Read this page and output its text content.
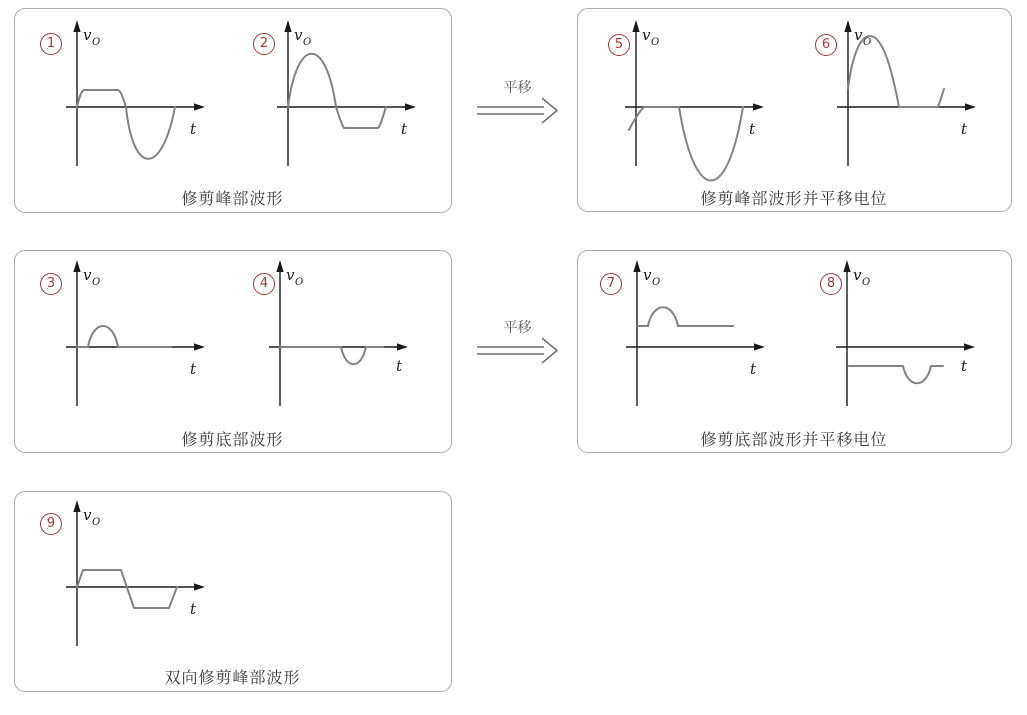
v O
t
v O
t
1	2
修剪峰部波形
v O
t
v O
t
5	6
修剪峰部波形并平移电位
v O
t
v O
t
3	4
修剪底部波形
v O
t
v O
t
7	8
修剪底部波形并平移电位
v O
t
9
双向修剪峰部波形
平移
平移
